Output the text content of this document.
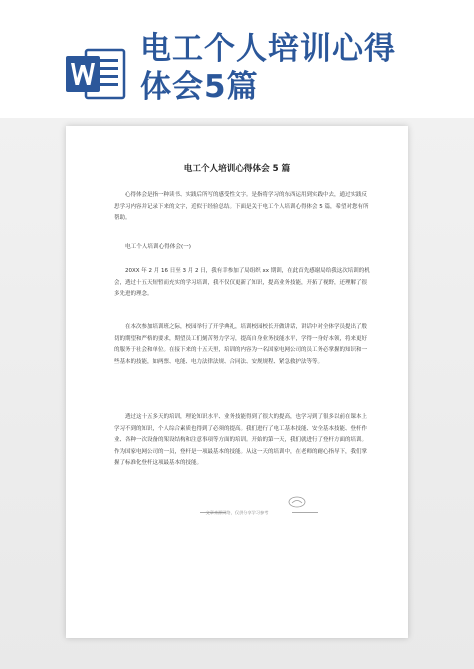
电工个人培训心得
体会5篇

电工个人培训心得体会 5 篇

心得体会是指一种读书、实践后所写的感受性文字。是指将学习的东西运用到实践中去，通过实践反思学习内容并记录下来的文字，近似于经验总结。下面是关于电工个人培训心得体会 5 篇，希望对您有所帮助。

电工个人培训心得体会(一)

20XX 年 2 月 16 日至 3 月 2 日，我有幸参加了局组织 xx 期训，在此首先感谢局给我这次培训的机会，透过十五天短暂而充实的学习培训，我不仅仅更新了知识，提高业务技能，开拓了视野，还理解了很多先进的理念。

在本次参加培训班之际，校园举行了开学典礼，培训校园校长开做讲话，讲话中对全体学员提出了殷切的期望和严格的要求，期望员工们刻苦努力学习，提高自身业务技能水平，学得一身好本领，将来更好的服务于社会和单位。在接下来的十五天里，培训的内容为一名国家电网公司的员工务必掌握的知识和一些基本的技能，如两票、电能、电力法律法规、合同法、安规规程、紧急救护法等等。

透过这十五多天的培训，理论知识水平、业务技能得到了很大的提高，也学习到了很多以前在课本上学习不到的知识，个人综合素质也得到了必须的提高。我们进行了电工基本技能、安全基本技能、登杆作业、各种一次设备的架设结构和注意事项等方面的培训。开始的第一天，我们就进行了登杆方面的培训。作为国家电网公司的一员，登杆是一项最基本的技能。从这一天的培训中，在老师的耐心指导下，我们掌握了标准化登杆这项最基本的技能。

文章来源网络，仅供分享学习参考
